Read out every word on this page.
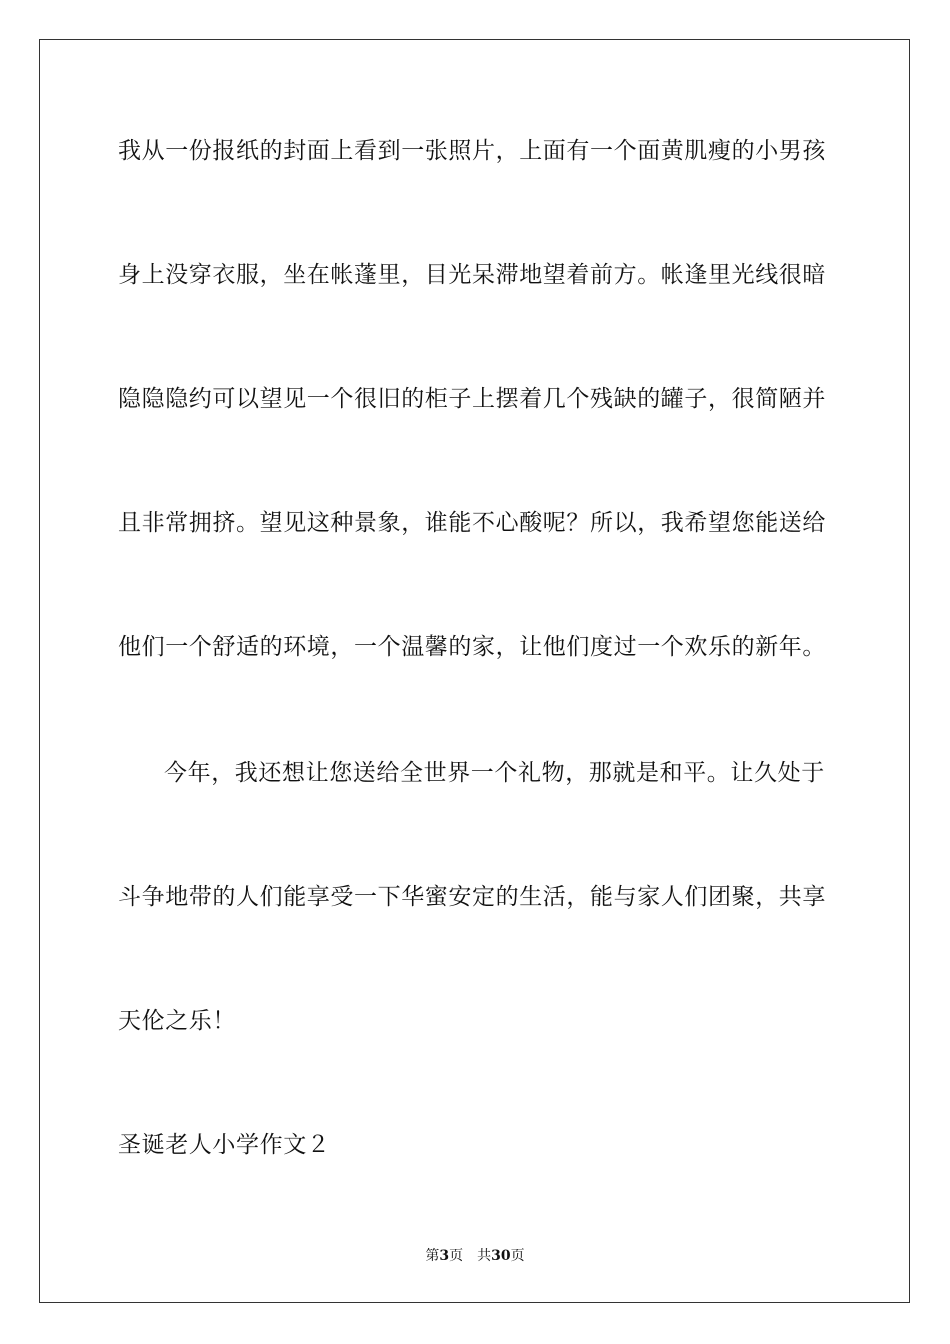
我从一份报纸的封面上看到一张照片，上面有一个面黄肌瘦的小男孩
身上没穿衣服，坐在帐蓬里，目光呆滞地望着前方。帐逢里光线很暗
隐隐隐约可以望见一个很旧的柜子上摆着几个残缺的罐子，很简陋并
且非常拥挤。望见这种景象，谁能不心酸呢？所以，我希望您能送给
他们一个舒适的环境，一个温馨的家，让他们度过一个欢乐的新年。
今年，我还想让您送给全世界一个礼物，那就是和平。让久处于
斗争地带的人们能享受一下华蜜安定的生活，能与家人们团聚，共享
天伦之乐！
圣诞老人小学作文２
第3页　共30页
